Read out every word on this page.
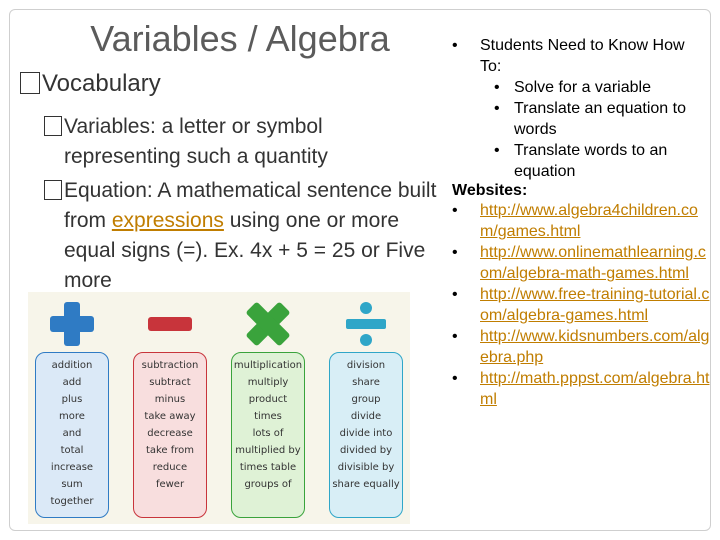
Variables / Algebra
Vocabulary
Variables: a letter or symbol representing such a quantity
Equation: A mathematical sentence built from expressions using one or more equal signs (=). Ex. 4x + 5 = 25 or Five more
addition
add
plus
more
and
total
increase
sum
together
subtraction
subtract
minus
take away
decrease
take from
reduce
fewer
multiplication
multiply
product
times
lots of
multiplied by
times table
groups of
division
share
group
divide
divide into
divided by
divisible by
share equally
• Students Need to Know How To:
• Solve for a variable
• Translate an equation to words
• Translate words to an equation
Websites:
• http://www.algebra4children.com/games.html
• http://www.onlinemathlearning.com/algebra-math-games.html
• http://www.free-training-tutorial.com/algebra-games.html
• http://www.kidsnumbers.com/algebra.php
• http://math.pppst.com/algebra.html
